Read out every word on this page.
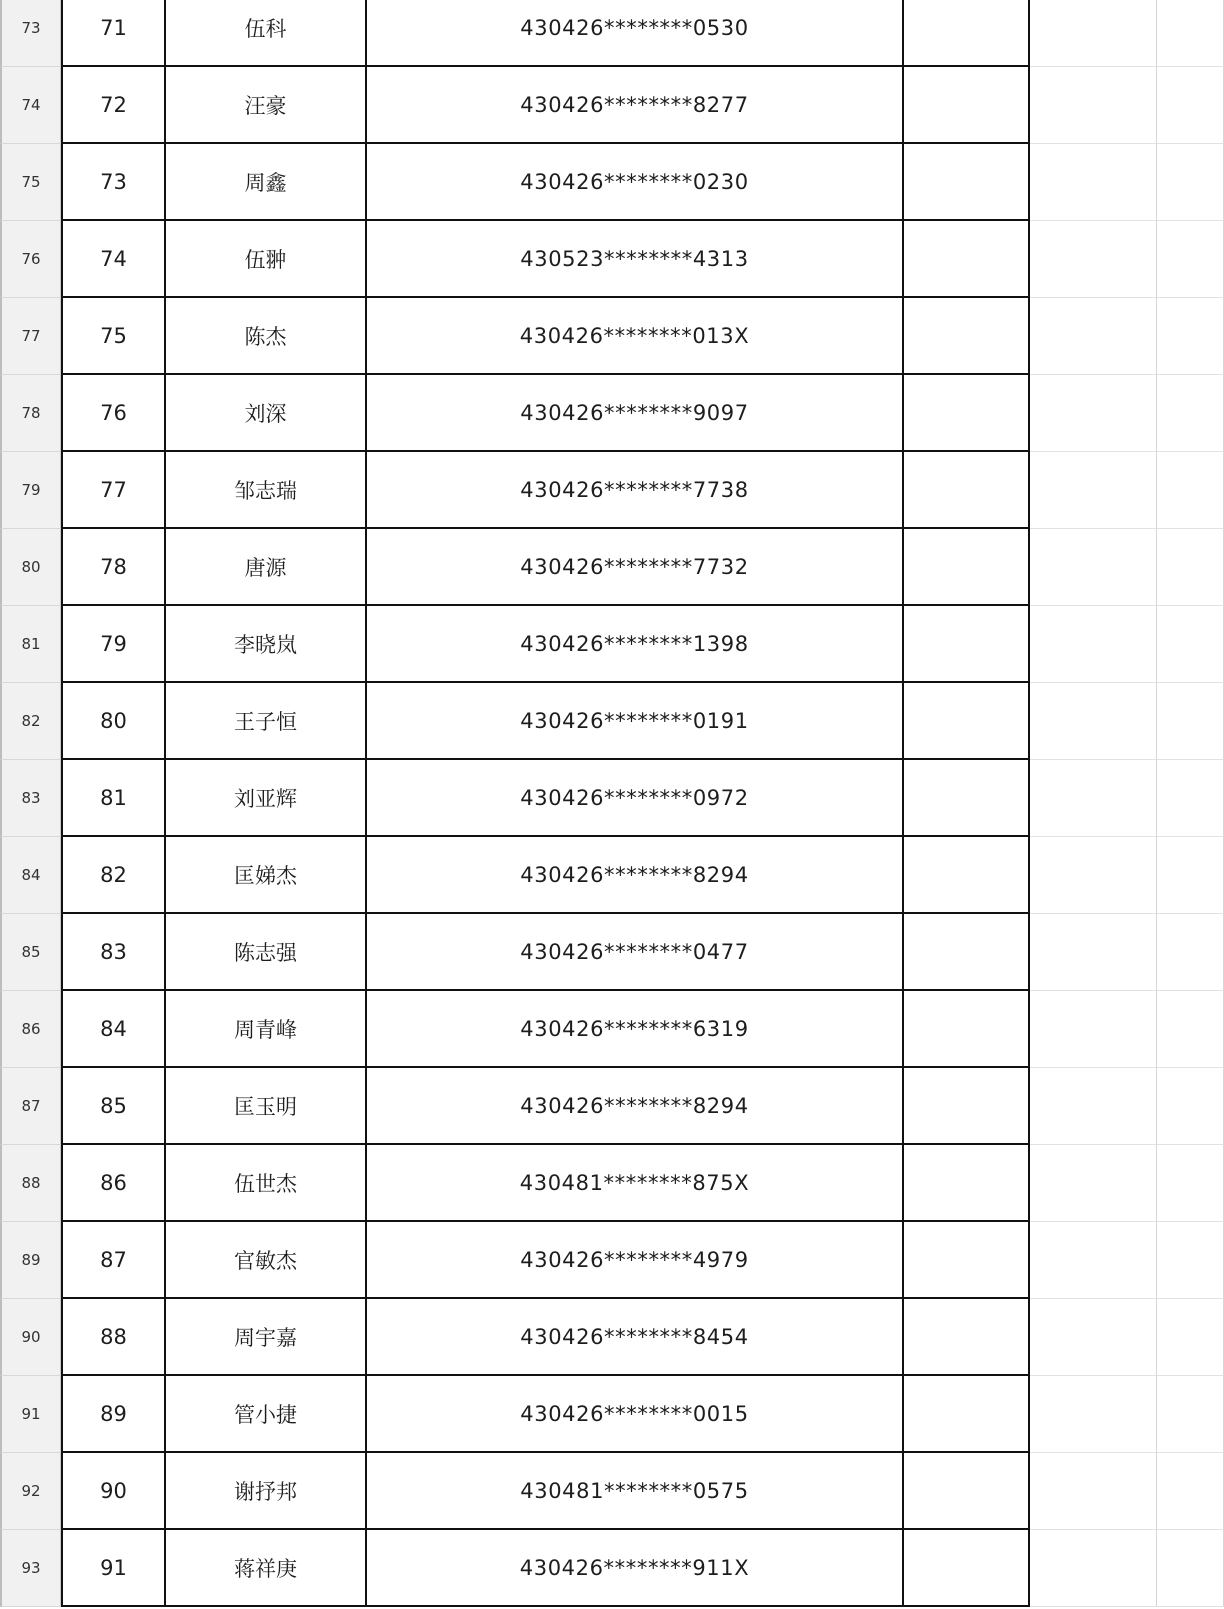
73	71	伍科	430426********0530
74	72	汪豪	430426********8277
75	73	周鑫	430426********0230
76	74	伍翀	430523********4313
77	75	陈杰	430426********013X
78	76	刘深	430426********9097
79	77	邹志瑞	430426********7738
80	78	唐源	430426********7732
81	79	李晓岚	430426********1398
82	80	王子恒	430426********0191
83	81	刘亚辉	430426********0972
84	82	匡娣杰	430426********8294
85	83	陈志强	430426********0477
86	84	周青峰	430426********6319
87	85	匡玉明	430426********8294
88	86	伍世杰	430481********875X
89	87	官敏杰	430426********4979
90	88	周宇嘉	430426********8454
91	89	管小捷	430426********0015
92	90	谢抒邦	430481********0575
93	91	蒋祥庚	430426********911X
